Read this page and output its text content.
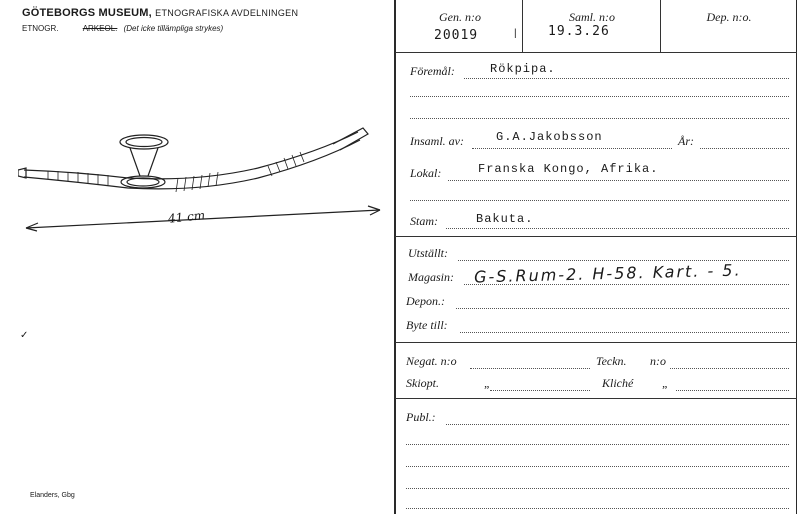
GÖTEBORGS MUSEUM, ETNOGRAFISKA AVDELNINGEN
ETNOGR.	ARKEOL. (Det icke tillämpliga strykes)
41 cm
✓
Elanders, Gbg
Gen. n:o
20019	|
Saml. n:o
19.3.26
Dep. n:o.
Föremål:	Rökpipa.
Insaml. av:	G.A.Jakobsson	År:
Lokal:	Franska Kongo, Afrika.
Stam:	Bakuta.
Utställt:
Magasin: G-S.Rum-2. H-58. Kart. - 5.
Depon.:
Byte till:
Negat. n:o	Teckn. n:o
Skiopt.	„	Kliché „
Publ.:
